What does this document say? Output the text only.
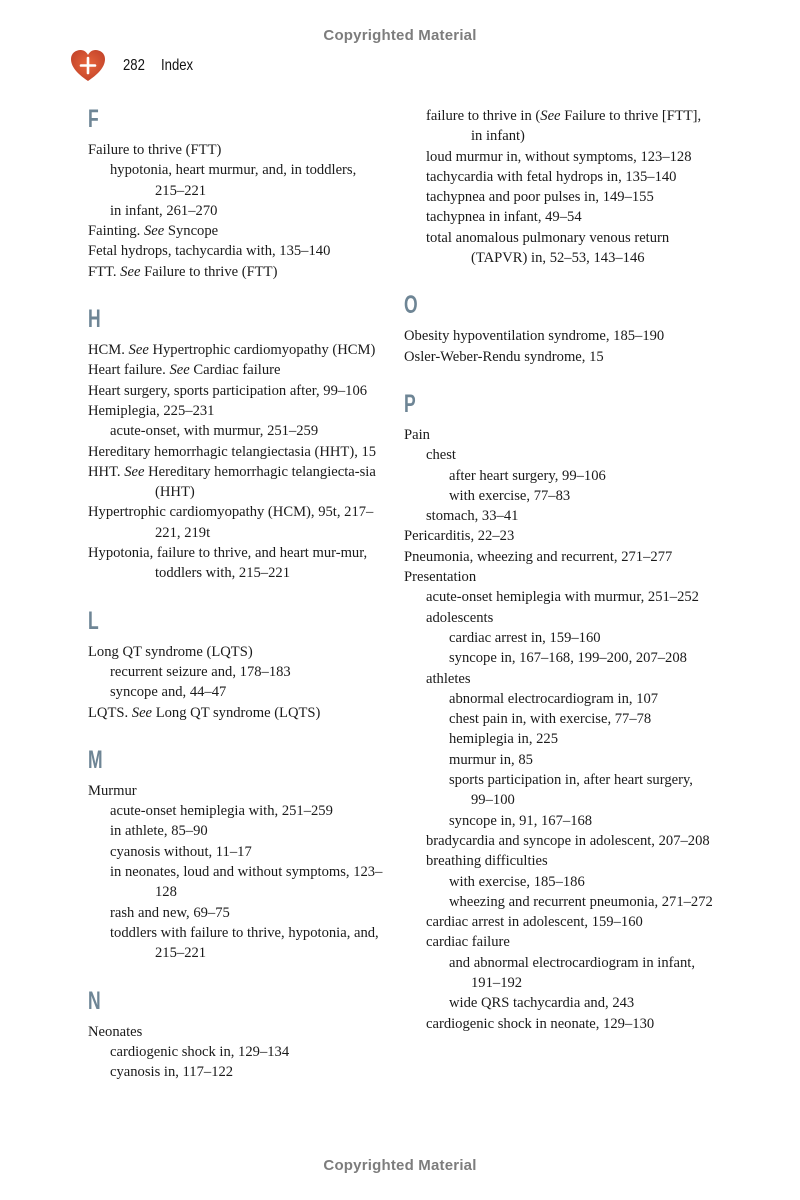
Copyrighted Material
282 Index
F
Failure to thrive (FTT)
hypotonia, heart murmur, and, in toddlers, 215–221
in infant, 261–270
Fainting. See Syncope
Fetal hydrops, tachycardia with, 135–140
FTT. See Failure to thrive (FTT)
H
HCM. See Hypertrophic cardiomyopathy (HCM)
Heart failure. See Cardiac failure
Heart surgery, sports participation after, 99–106
Hemiplegia, 225–231
acute-onset, with murmur, 251–259
Hereditary hemorrhagic telangiectasia (HHT), 15
HHT. See Hereditary hemorrhagic telangiecta-sia (HHT)
Hypertrophic cardiomyopathy (HCM), 95t, 217–221, 219t
Hypotonia, failure to thrive, and heart mur-mur, toddlers with, 215–221
L
Long QT syndrome (LQTS)
recurrent seizure and, 178–183
syncope and, 44–47
LQTS. See Long QT syndrome (LQTS)
M
Murmur
acute-onset hemiplegia with, 251–259
in athlete, 85–90
cyanosis without, 11–17
in neonates, loud and without symptoms, 123–128
rash and new, 69–75
toddlers with failure to thrive, hypotonia, and, 215–221
N
Neonates
cardiogenic shock in, 129–134
cyanosis in, 117–122
failure to thrive in (See Failure to thrive [FTT], in infant)
loud murmur in, without symptoms, 123–128
tachycardia with fetal hydrops in, 135–140
tachypnea and poor pulses in, 149–155
tachypnea in infant, 49–54
total anomalous pulmonary venous return (TAPVR) in, 52–53, 143–146
O
Obesity hypoventilation syndrome, 185–190
Osler-Weber-Rendu syndrome, 15
P
Pain
chest
after heart surgery, 99–106
with exercise, 77–83
stomach, 33–41
Pericarditis, 22–23
Pneumonia, wheezing and recurrent, 271–277
Presentation
acute-onset hemiplegia with murmur, 251–252
adolescents
cardiac arrest in, 159–160
syncope in, 167–168, 199–200, 207–208
athletes
abnormal electrocardiogram in, 107
chest pain in, with exercise, 77–78
hemiplegia in, 225
murmur in, 85
sports participation in, after heart surgery, 99–100
syncope in, 91, 167–168
bradycardia and syncope in adolescent, 207–208
breathing difficulties
with exercise, 185–186
wheezing and recurrent pneumonia, 271–272
cardiac arrest in adolescent, 159–160
cardiac failure
and abnormal electrocardiogram in infant, 191–192
wide QRS tachycardia and, 243
cardiogenic shock in neonate, 129–130
Copyrighted Material
